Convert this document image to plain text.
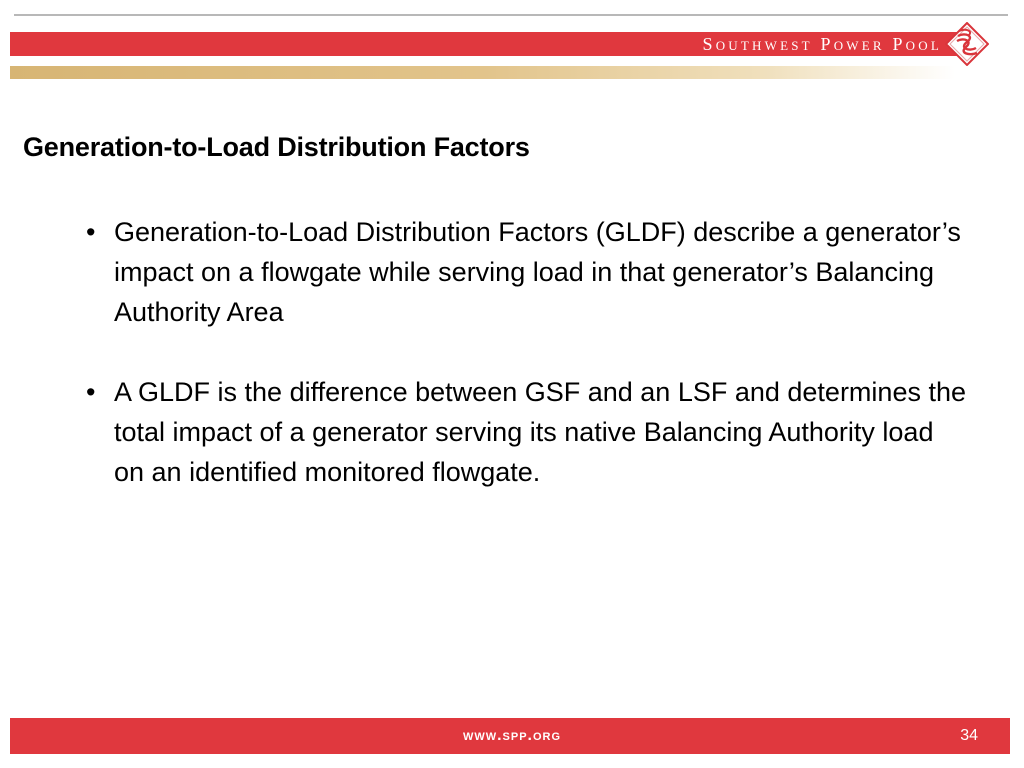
Southwest Power Pool
Generation-to-Load Distribution Factors
• Generation-to-Load Distribution Factors (GLDF) describe a generator’s impact on a flowgate while serving load in that generator’s Balancing Authority Area
• A GLDF is the difference between GSF and an LSF and determines the total impact of a generator serving its native Balancing Authority load on an identified monitored flowgate.
www.spp.org	34
